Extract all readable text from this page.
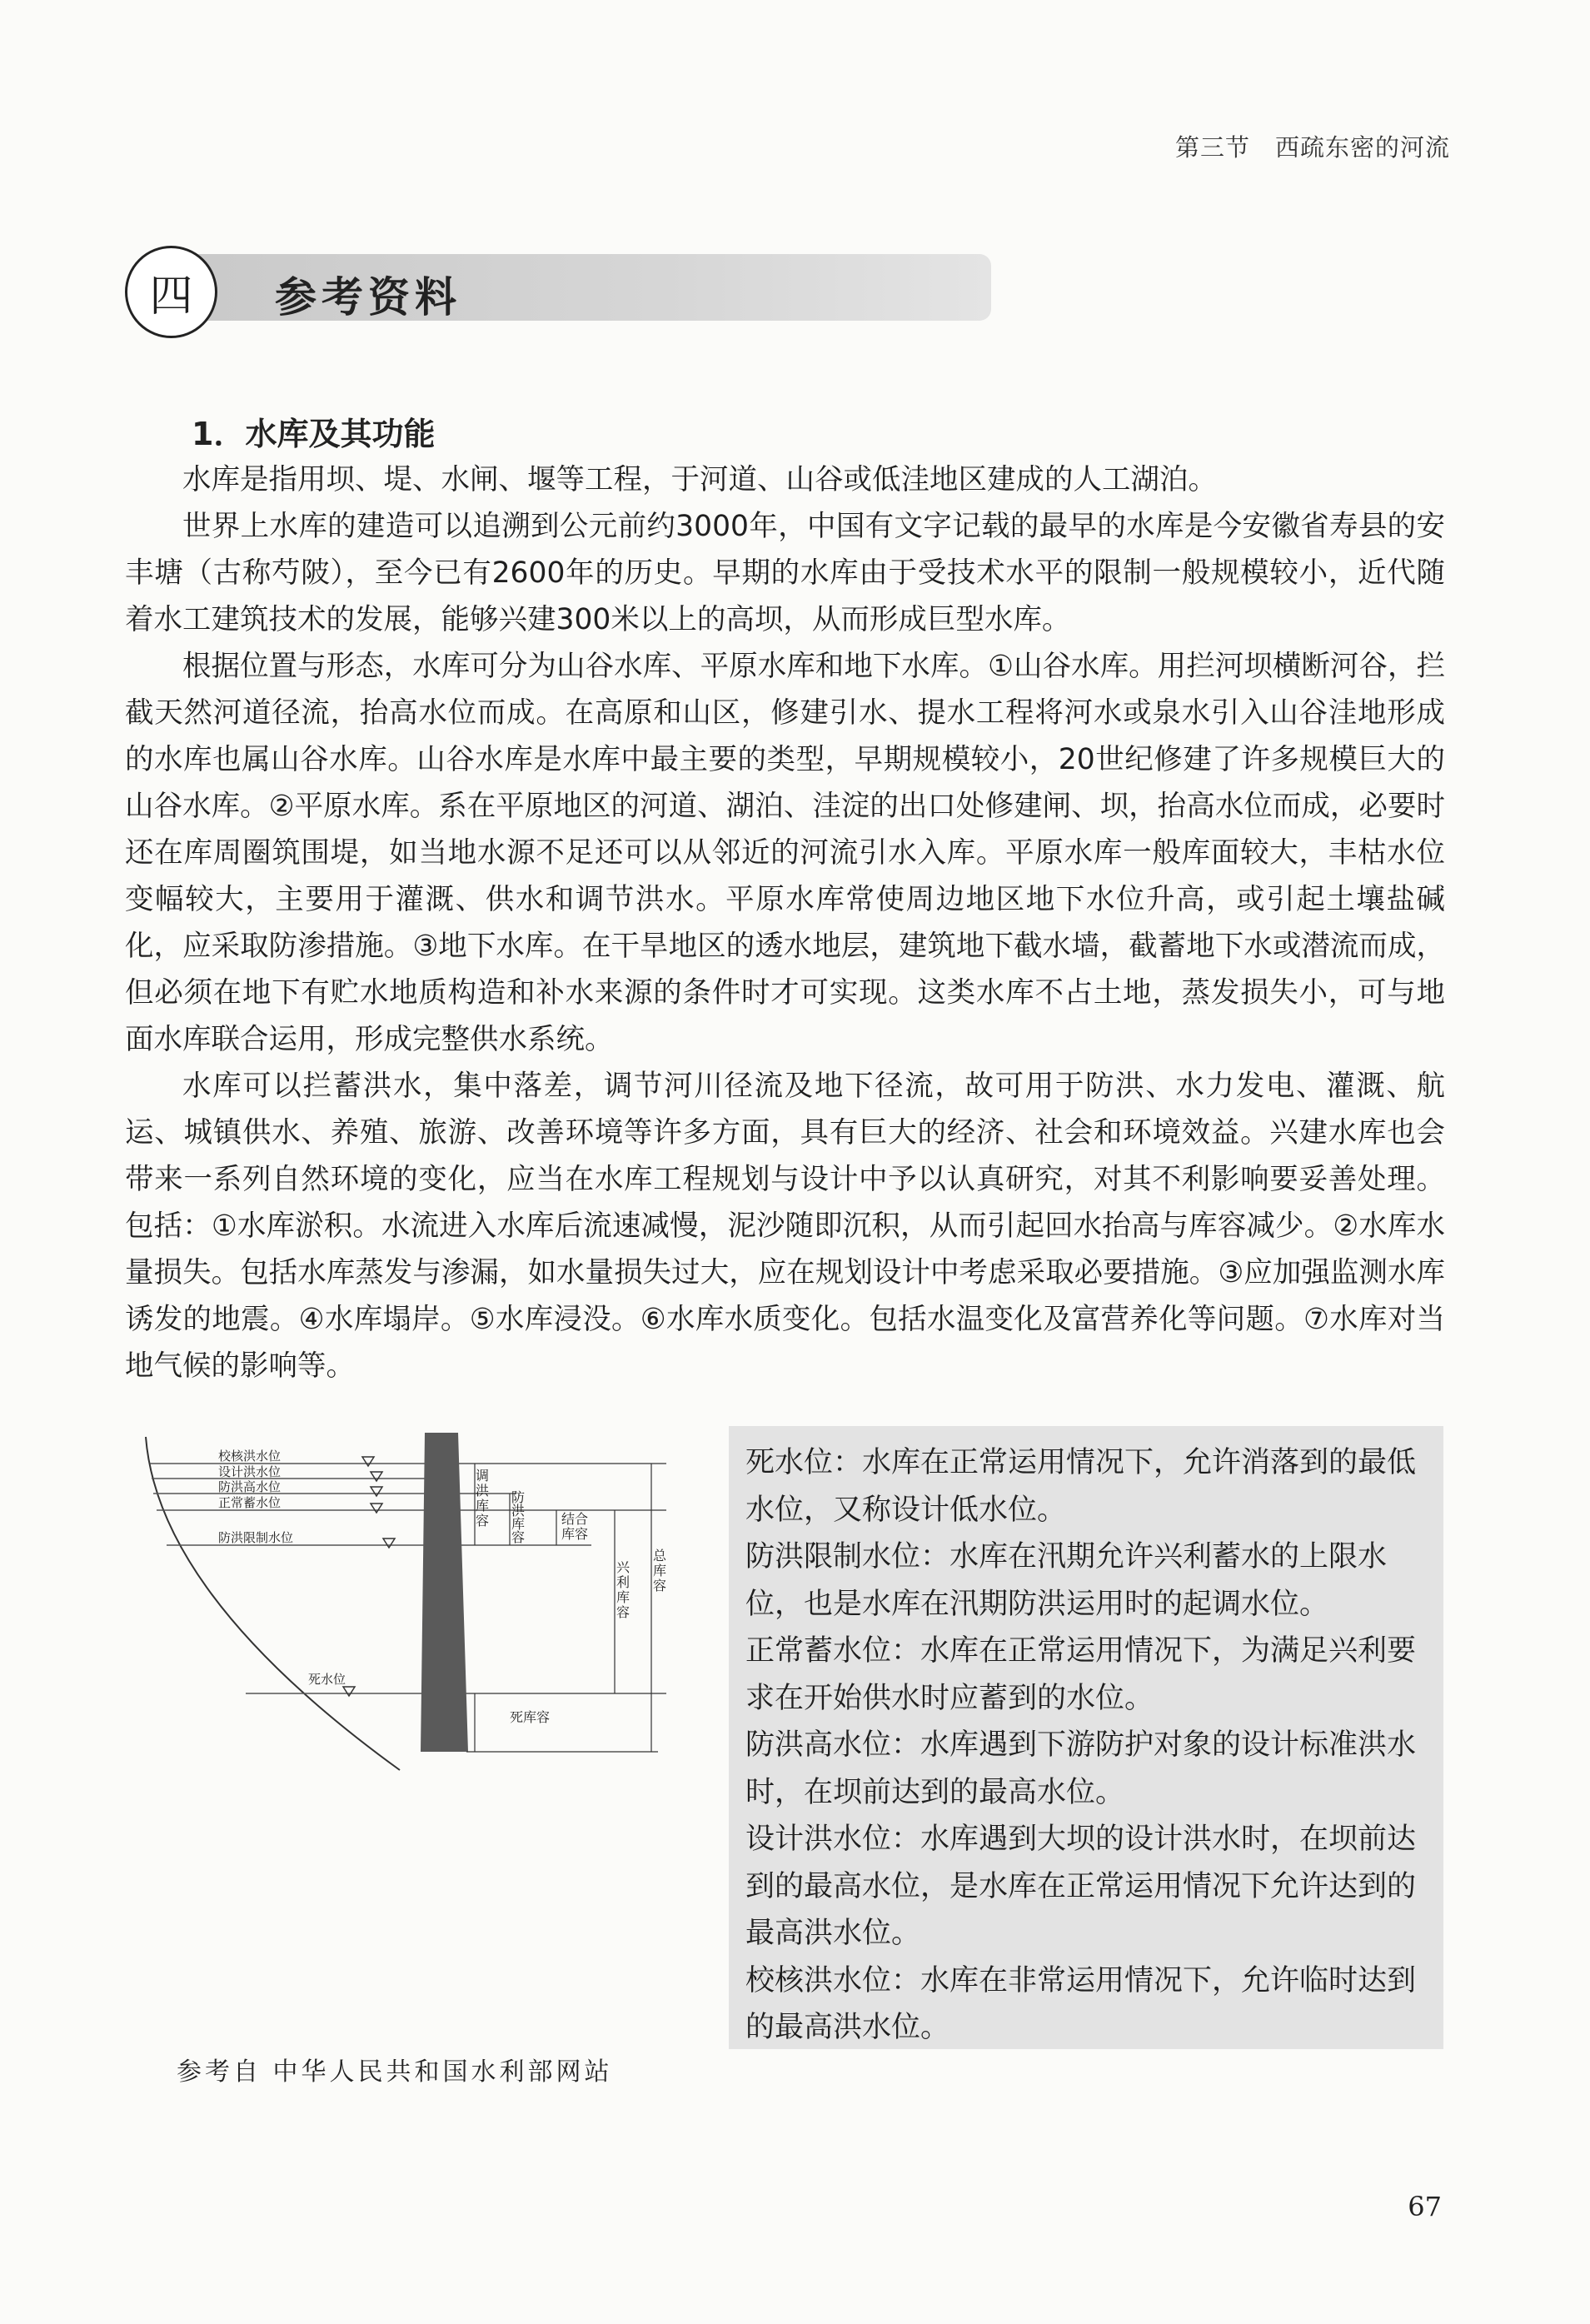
第三节 西疏东密的河流
四 参考资料
1．水库及其功能

水库是指用坝、堤、水闸、堰等工程，于河道、山谷或低洼地区建成的人工湖泊。

世界上水库的建造可以追溯到公元前约3000年，中国有文字记载的最早的水库是今安徽省寿县的安丰塘（古称芍陂），至今已有2600年的历史。早期的水库由于受技术水平的限制一般规模较小，近代随着水工建筑技术的发展，能够兴建300米以上的高坝，从而形成巨型水库。

根据位置与形态，水库可分为山谷水库、平原水库和地下水库。①山谷水库。用拦河坝横断河谷，拦截天然河道径流，抬高水位而成。在高原和山区，修建引水、提水工程将河水或泉水引入山谷洼地形成的水库也属山谷水库。山谷水库是水库中最主要的类型，早期规模较小，20世纪修建了许多规模巨大的山谷水库。②平原水库。系在平原地区的河道、湖泊、洼淀的出口处修建闸、坝，抬高水位而成，必要时还在库周圈筑围堤，如当地水源不足还可以从邻近的河流引水入库。平原水库一般库面较大，丰枯水位变幅较大，主要用于灌溉、供水和调节洪水。平原水库常使周边地区地下水位升高，或引起土壤盐碱化，应采取防渗措施。③地下水库。在干旱地区的透水地层，建筑地下截水墙，截蓄地下水或潜流而成，但必须在地下有贮水地质构造和补水来源的条件时才可实现。这类水库不占土地，蒸发损失小，可与地面水库联合运用，形成完整供水系统。

水库可以拦蓄洪水，集中落差，调节河川径流及地下径流，故可用于防洪、水力发电、灌溉、航运、城镇供水、养殖、旅游、改善环境等许多方面，具有巨大的经济、社会和环境效益。兴建水库也会带来一系列自然环境的变化，应当在水库工程规划与设计中予以认真研究，对其不利影响要妥善处理。包括：①水库淤积。水流进入水库后流速减慢，泥沙随即沉积，从而引起回水抬高与库容减少。②水库水量损失。包括水库蒸发与渗漏，如水量损失过大，应在规划设计中考虑采取必要措施。③应加强监测水库诱发的地震。④水库塌岸。⑤水库浸没。⑥水库水质变化。包括水温变化及富营养化等问题。⑦水库对当地气候的影响等。

校核洪水位
设计洪水位
防洪高水位
正常蓄水位
防洪限制水位
死水位
调
洪
库
容
防
洪
库
容
结合
库容
兴
利
库
容
总
库
容
死库容

死水位：水库在正常运用情况下，允许消落到的最低水位，又称设计低水位。

防洪限制水位：水库在汛期允许兴利蓄水的上限水位，也是水库在汛期防洪运用时的起调水位。

正常蓄水位：水库在正常运用情况下，为满足兴利要求在开始供水时应蓄到的水位。

防洪高水位：水库遇到下游防护对象的设计标准洪水时，在坝前达到的最高水位。

设计洪水位：水库遇到大坝的设计洪水时，在坝前达到的最高水位，是水库在正常运用情况下允许达到的最高洪水位。

校核洪水位：水库在非常运用情况下，允许临时达到的最高洪水位。

参考自 中华人民共和国水利部网站
67
